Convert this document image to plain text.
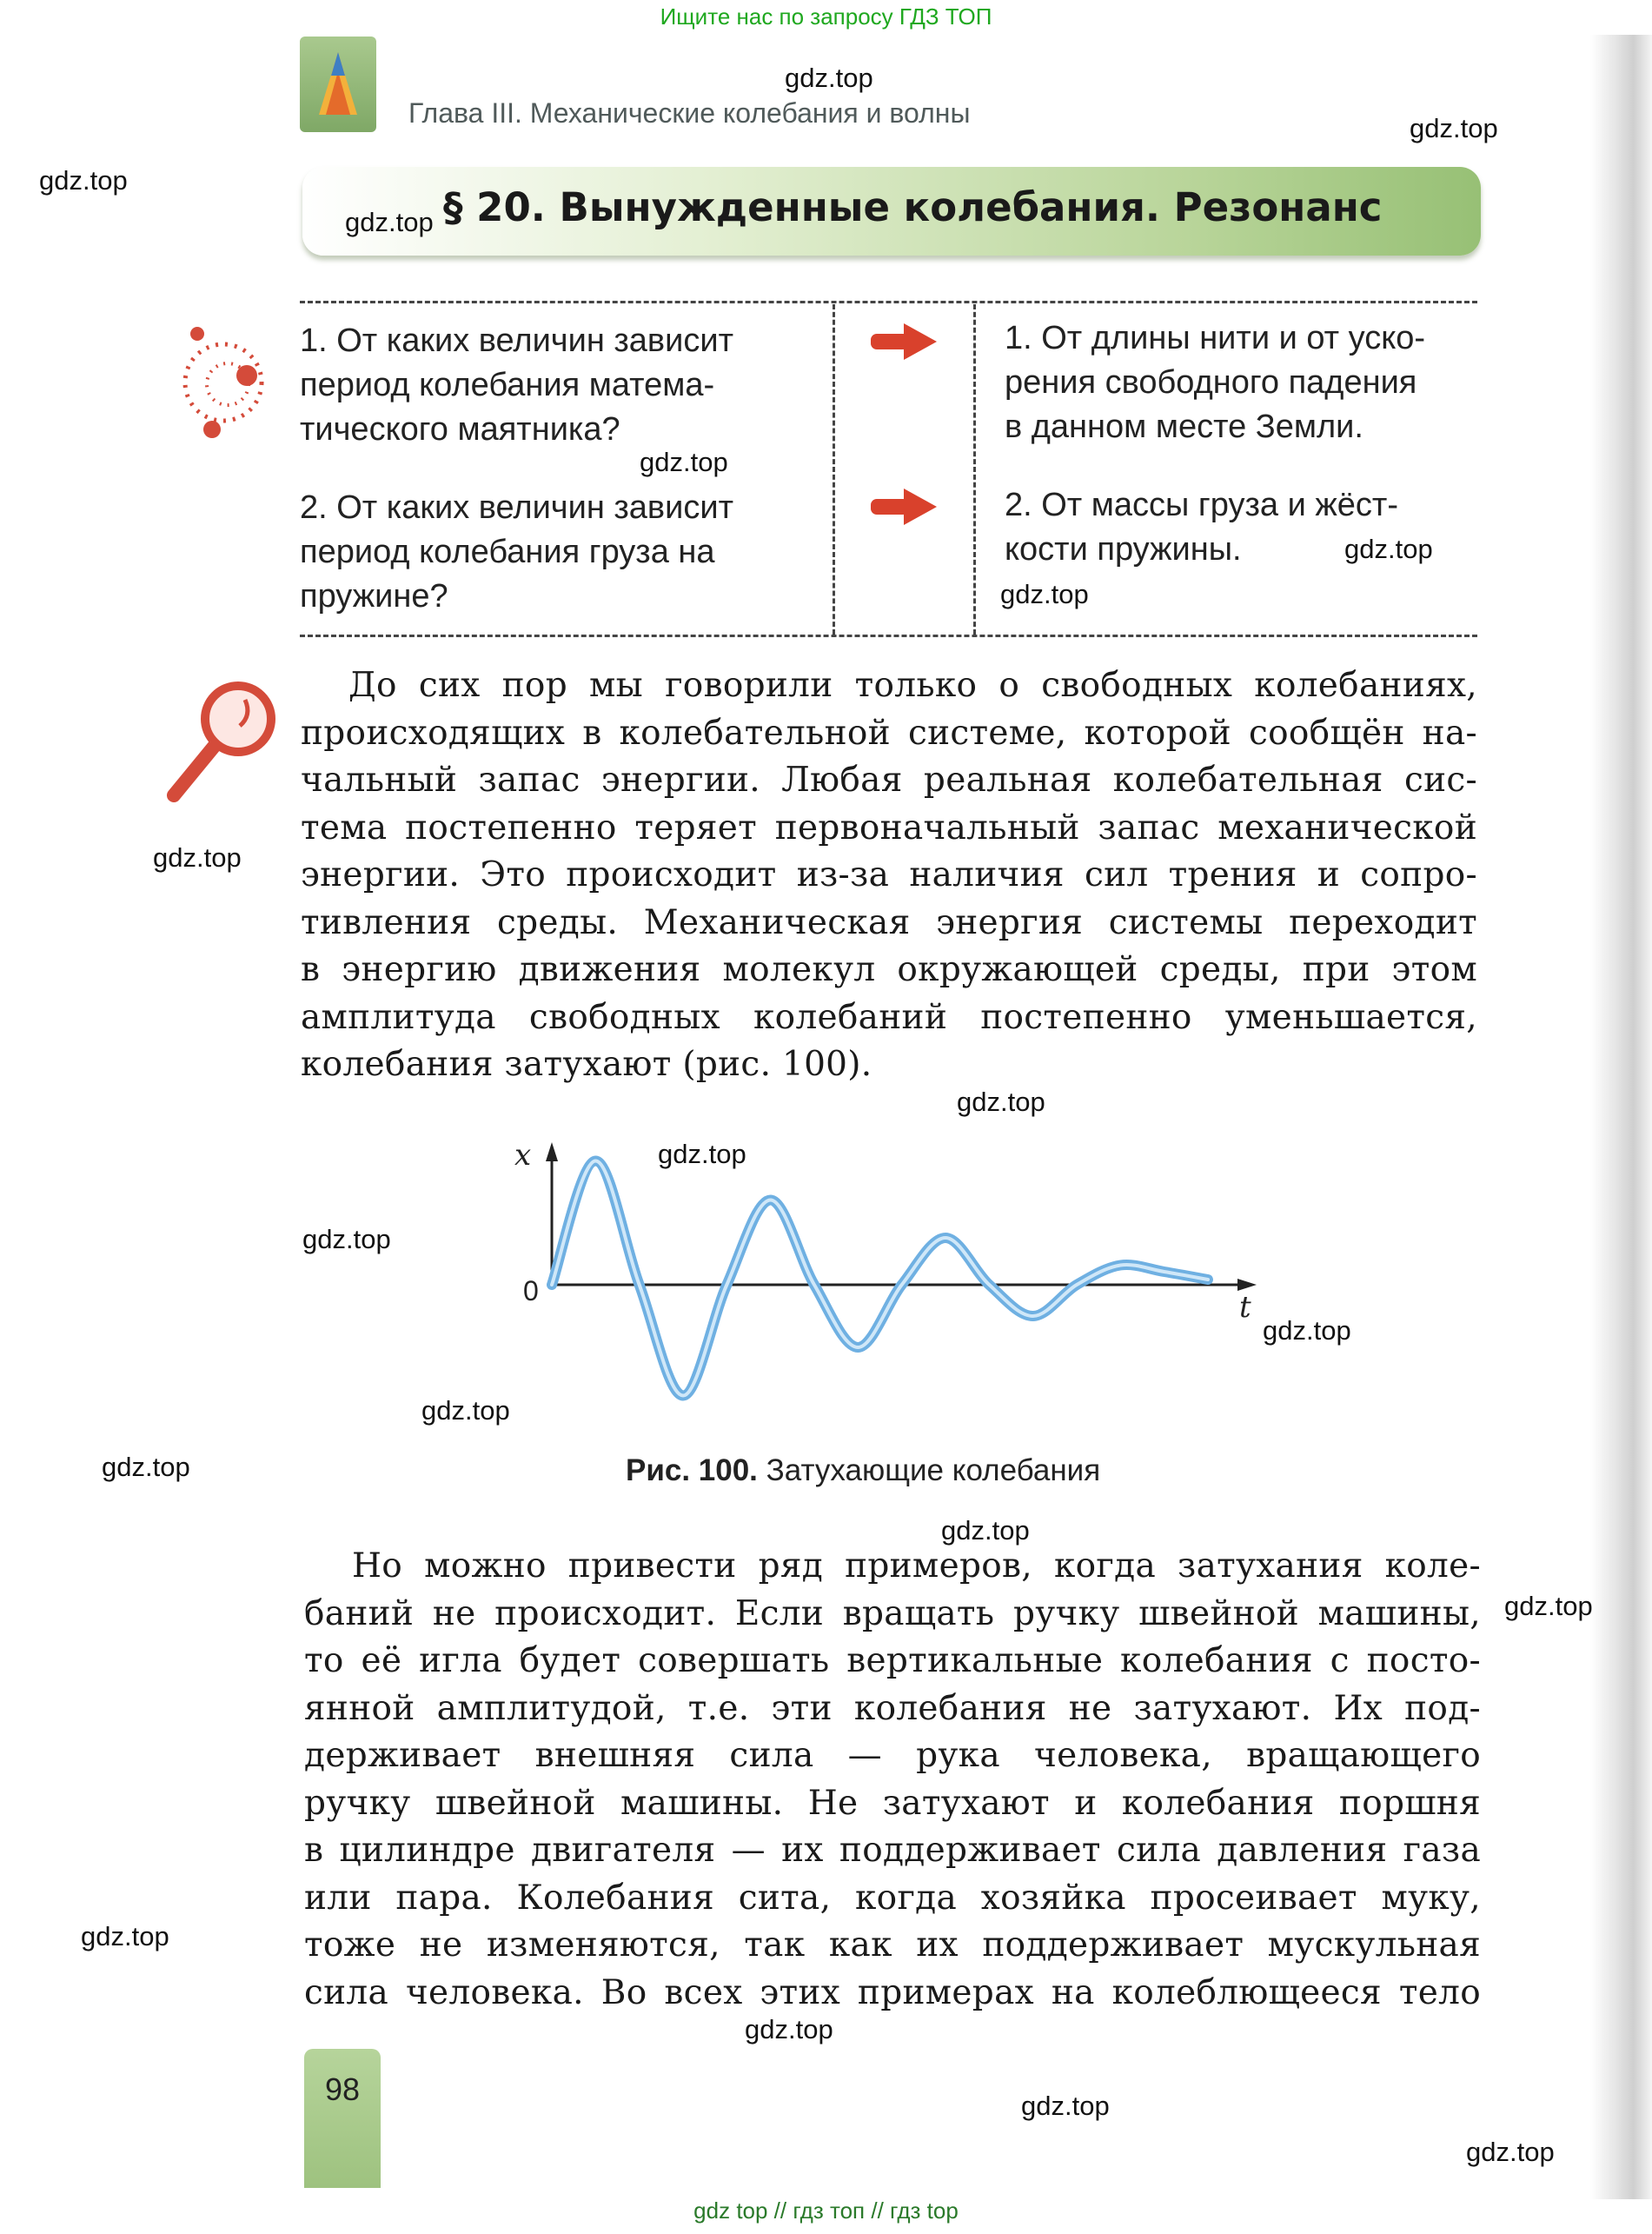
Ищите нас по запросу ГДЗ ТОП
Глава III. Механические колебания и волны
§ 20. Вынужденные колебания. Резонанс
1. От каких величин зависит
период колебания матема-
тического маятника?
1. От длины нити и от уско-
рения свободного падения
в данном месте Земли.
2. От каких величин зависит
период колебания груза на
пружине?
2. От массы груза и жёст-
кости пружины.
До сих пор мы говорили только о свободных колебаниях,
происходящих в колебательной системе, которой сообщён на-
чальный запас энергии. Любая реальная колебательная сис-
тема постепенно теряет первоначальный запас механической
энергии. Это происходит из-за наличия сил трения и сопро-
тивления среды. Механическая энергия системы переходит
в энергию движения молекул окружающей среды, при этом
амплитуда свободных колебаний постепенно уменьшается,
колебания затухают (рис. 100).
x
0	t
Рис. 100. Затухающие колебания
Но можно привести ряд примеров, когда затухания коле-
баний не происходит. Если вращать ручку швейной машины,
то её игла будет совершать вертикальные колебания с посто-
янной амплитудой, т.е. эти колебания не затухают. Их под-
держивает внешняя сила — рука человека, вращающего
ручку швейной машины. Не затухают и колебания поршня
в цилиндре двигателя — их поддерживает сила давления газа
или пара. Колебания сита, когда хозяйка просеивает муку,
тоже не изменяются, так как их поддерживает мускульная
сила человека. Во всех этих примерах на колеблющееся тело
98
gdz.top
gdz.top
gdz.top
gdz.top
gdz.top
gdz.top
gdz.top
gdz.top
gdz.top
gdz.top
gdz.top
gdz.top
gdz.top
gdz.top
gdz.top
gdz.top
gdz.top
gdz.top
gdz.top
gdz.top
gdz top // гдз топ // гдз top
